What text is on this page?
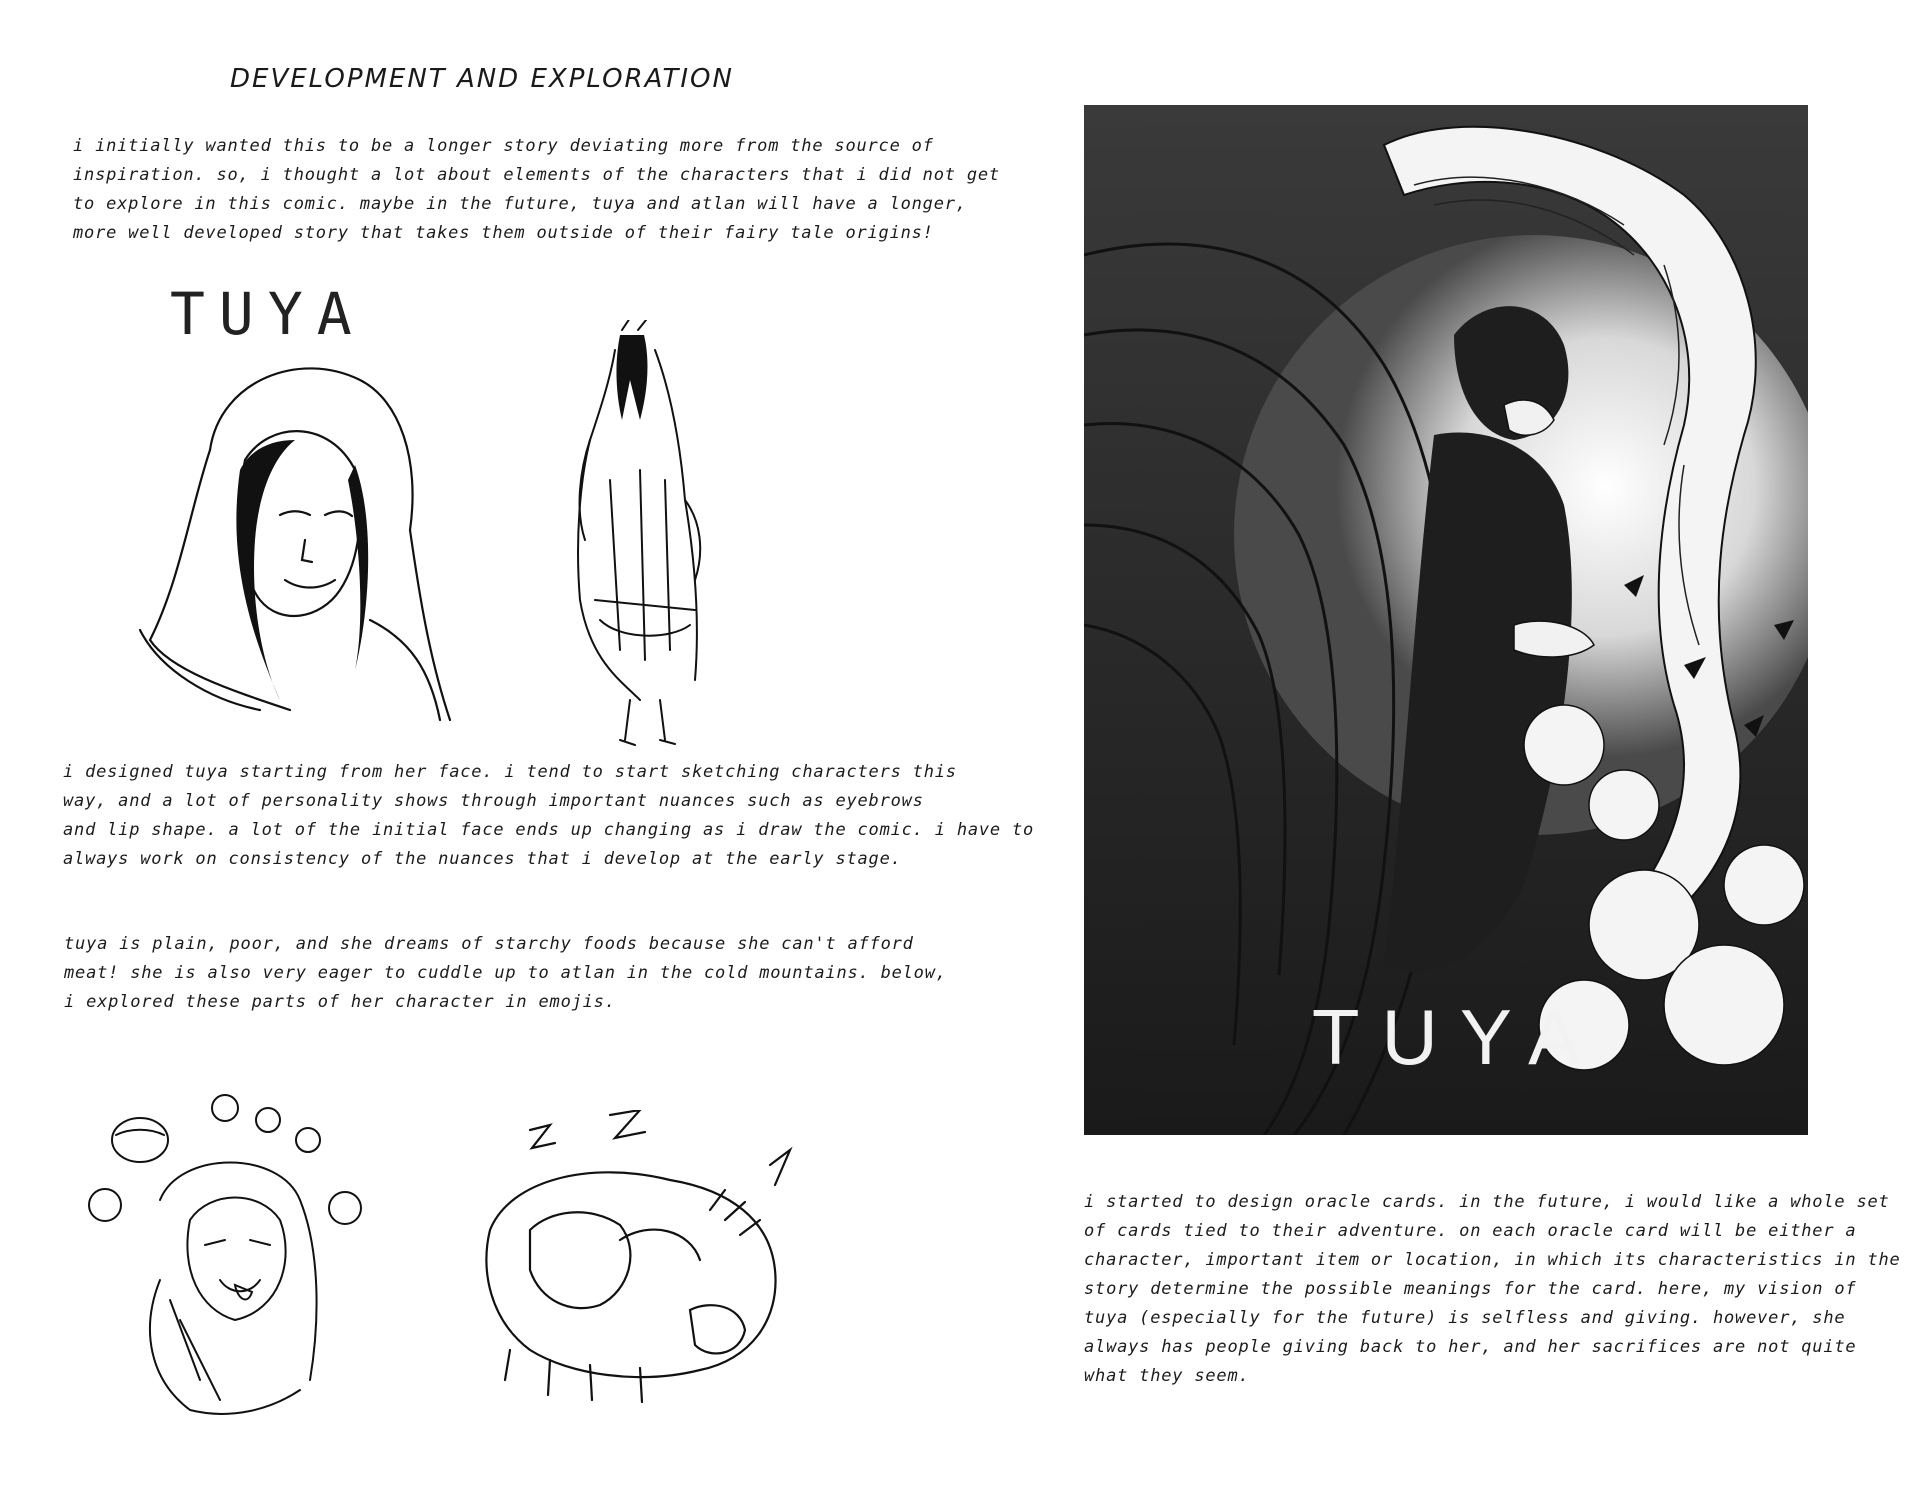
DEVELOPMENT AND EXPLORATION

i initially wanted this to be a longer story deviating more from the source of

inspiration. so, i thought a lot about elements of the characters that i did not get

to explore in this comic. maybe in the future, tuya and atlan will have a longer,

more well developed story that takes them outside of their fairy tale origins!

TUYA

i designed tuya starting from her face. i tend to start sketching characters this

way, and a lot of personality shows through important nuances such as eyebrows

and lip shape. a lot of the initial face ends up changing as i draw the comic. i have to

always work on consistency of the nuances that i develop at the early stage.

tuya is plain, poor, and she dreams of starchy foods because she can't afford

meat! she is also very eager to cuddle up to atlan in the cold mountains. below,

i explored these parts of her character in emojis.	TUYA

i started to design oracle cards. in the future, i would like a whole set

of cards tied to their adventure. on each oracle card will be either a

character, important item or location, in which its characteristics in the

story determine the possible meanings for the card. here, my vision of

tuya (especially for the future) is selfless and giving. however, she

always has people giving back to her, and her sacrifices are not quite

what they seem.
